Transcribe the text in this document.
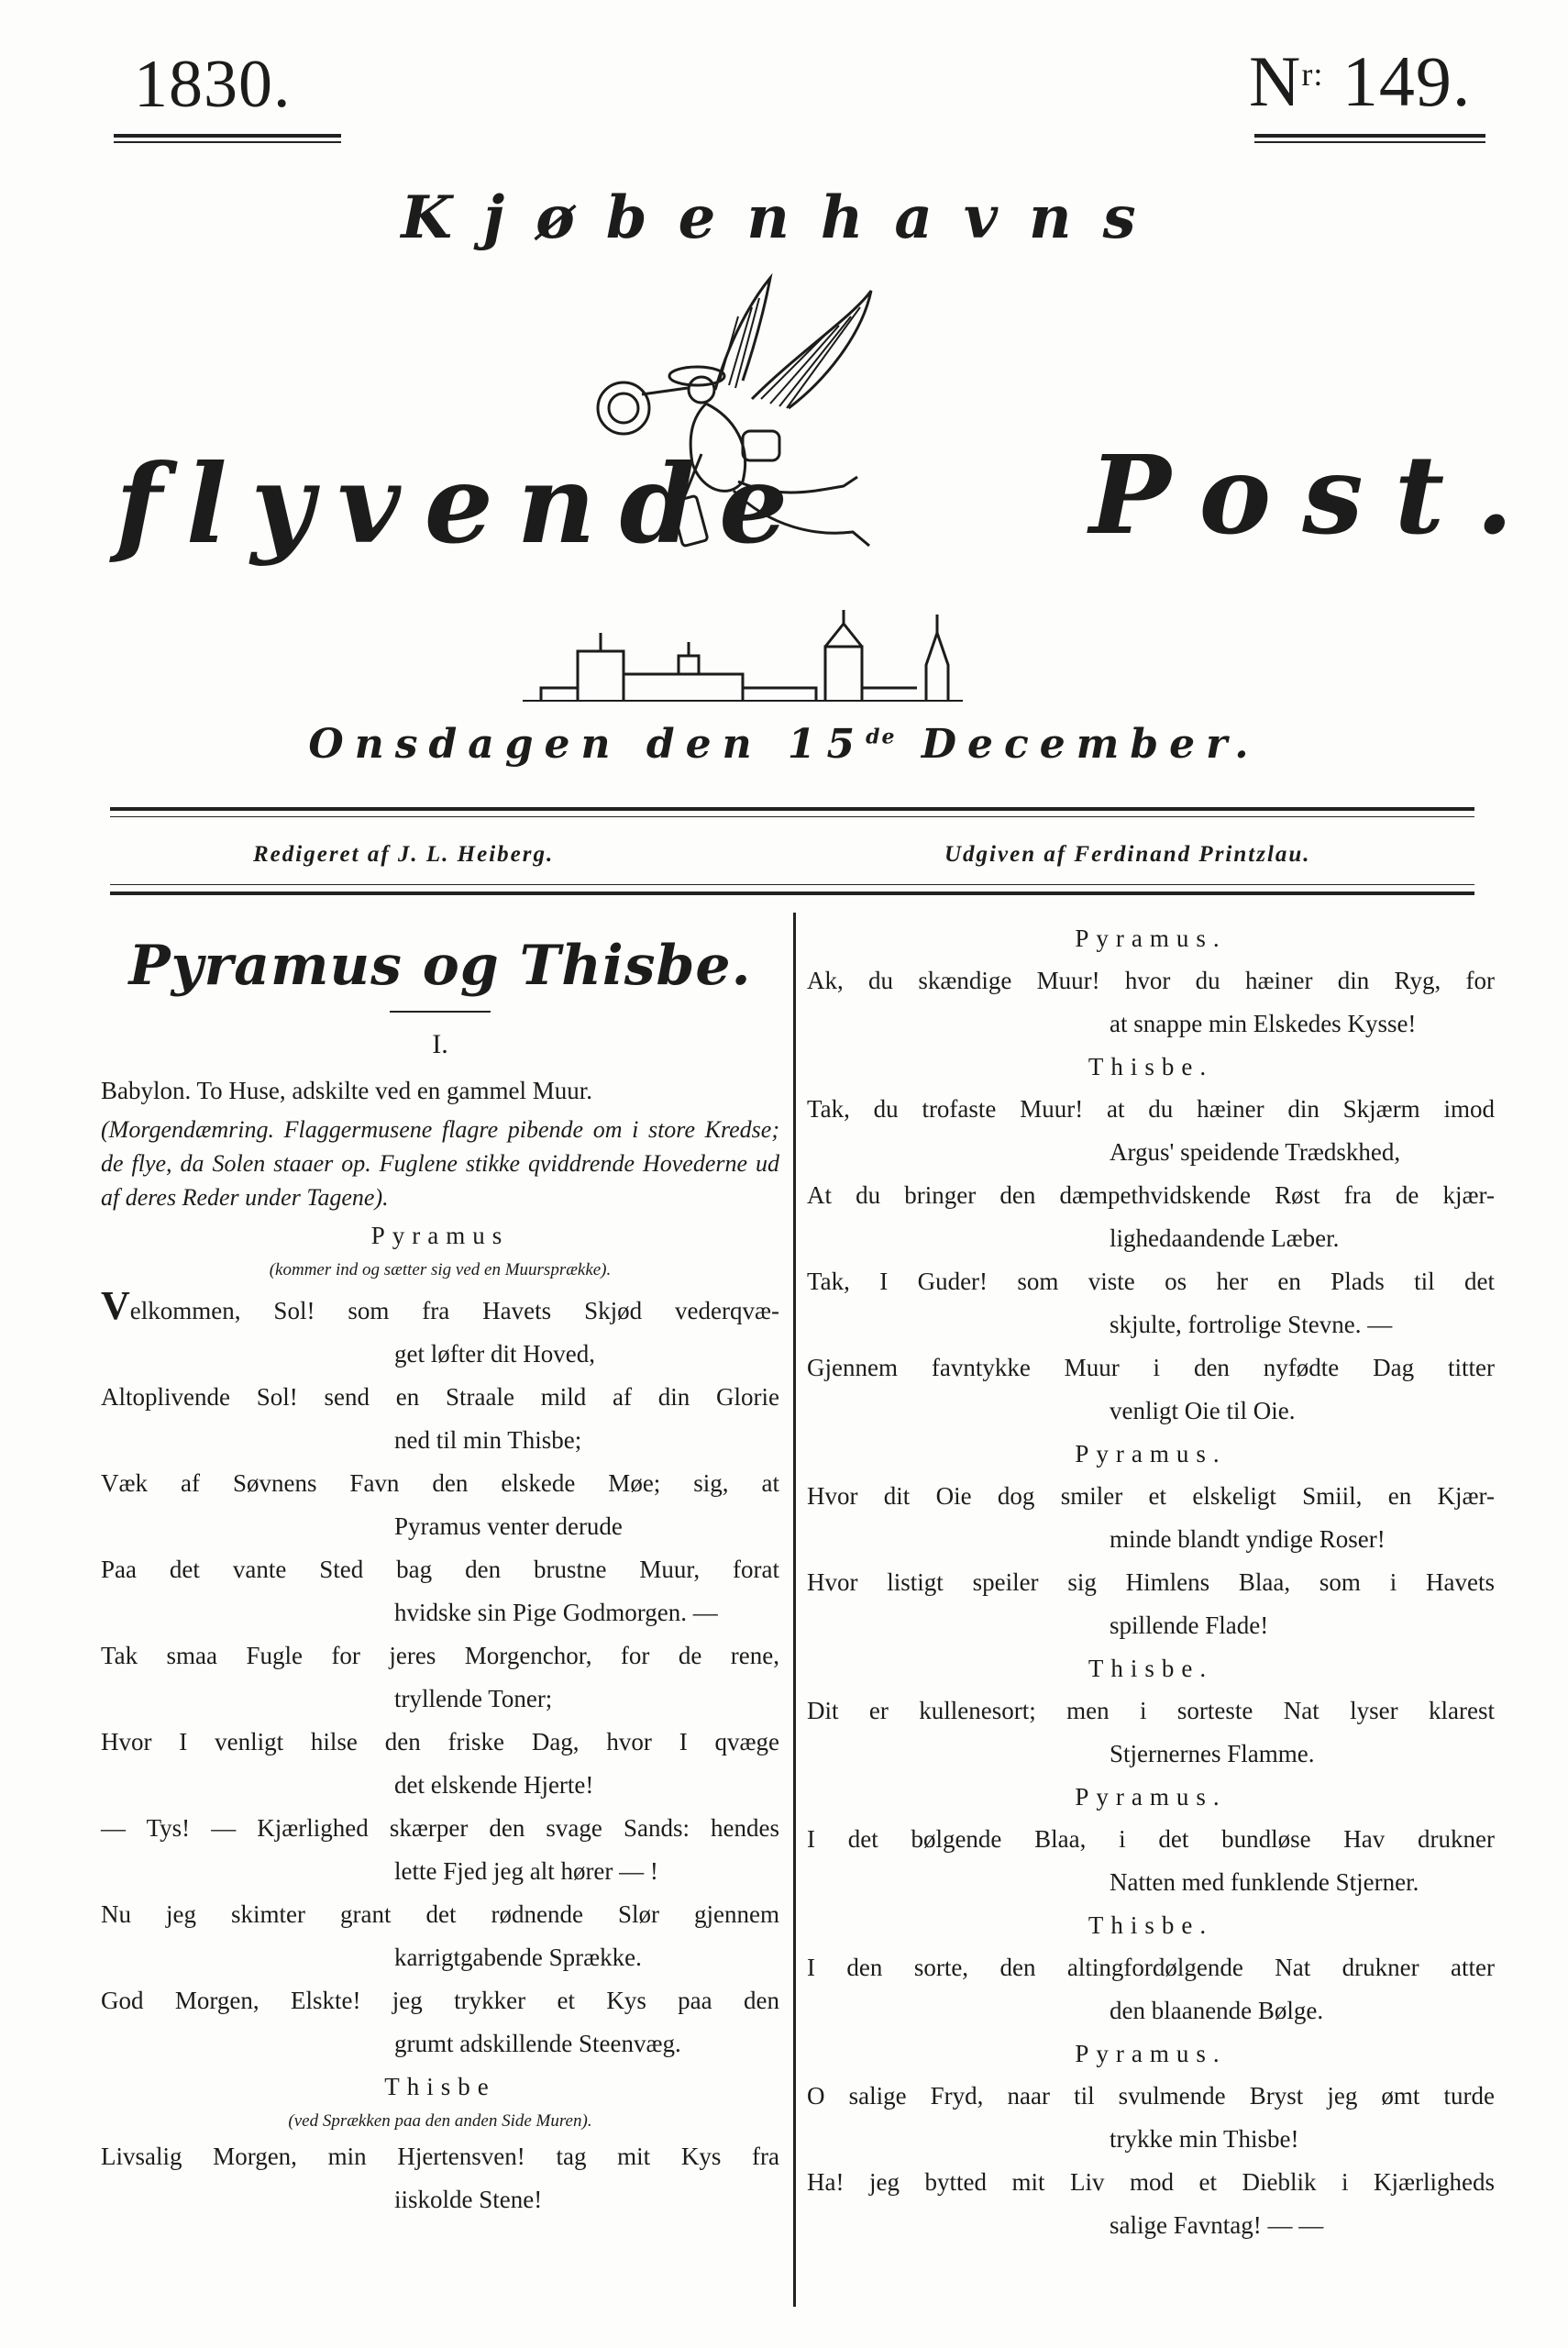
1830.	$N^{r:}$ 149.
Kjøbenhavns
flyvende	Post.
Onsdagen den 15de December.
Redigeret af J. L. Heiberg.	Udgiven af Ferdinand Printzlau.
Pyramus og Thisbe.
I.
Babylon. To Huse, adskilte ved en gammel Muur.
(Morgendæmring. Flaggermusene flagre pibende om i store Kredse; de flye, da Solen staaer op. Fuglene stikke qviddrende Hovederne ud af deres Reder under Tagene).
Pyramus
(kommer ind og sætter sig ved en Muursprække).
Velkommen, Sol! som fra Havets Skjød vederqvæ-
get løfter dit Hoved,
Altoplivende Sol! send en Straale mild af din Glorie
ned til min Thisbe;
Væk af Søvnens Favn den elskede Møe; sig, at
Pyramus venter derude
Paa det vante Sted bag den brustne Muur, forat
hvidske sin Pige Godmorgen. —
Tak smaa Fugle for jeres Morgenchor, for de rene,
tryllende Toner;
Hvor I venligt hilse den friske Dag, hvor I qvæge
det elskende Hjerte!
— Tys! — Kjærlighed skærper den svage Sands: hendes
lette Fjed jeg alt hører — !
Nu jeg skimter grant det rødnende Slør gjennem
karrigtgabende Sprække.
God Morgen, Elskte! jeg trykker et Kys paa den
grumt adskillende Steenvæg.
Thisbe
(ved Sprækken paa den anden Side Muren).
Livsalig Morgen, min Hjertensven! tag mit Kys fra
iiskolde Stene!
Pyramus.
Ak, du skændige Muur! hvor du hæiner din Ryg, for
at snappe min Elskedes Kysse!
Thisbe.
Tak, du trofaste Muur! at du hæiner din Skjærm imod
Argus' speidende Trædskhed,
At du bringer den dæmpethvidskende Røst fra de kjær-
lighedaandende Læber.
Tak, I Guder! som viste os her en Plads til det
skjulte, fortrolige Stevne. —
Gjennem favntykke Muur i den nyfødte Dag titter
venligt Oie til Oie.
Pyramus.
Hvor dit Oie dog smiler et elskeligt Smiil, en Kjær-
minde blandt yndige Roser!
Hvor listigt speiler sig Himlens Blaa, som i Havets
spillende Flade!
Thisbe.
Dit er kullenesort; men i sorteste Nat lyser klarest
Stjernernes Flamme.
Pyramus.
I det bølgende Blaa, i det bundløse Hav drukner
Natten med funklende Stjerner.
Thisbe.
I den sorte, den altingfordølgende Nat drukner atter
den blaanende Bølge.
Pyramus.
O salige Fryd, naar til svulmende Bryst jeg ømt turde
trykke min Thisbe!
Ha! jeg bytted mit Liv mod et Dieblik i Kjærligheds
salige Favntag! — —
